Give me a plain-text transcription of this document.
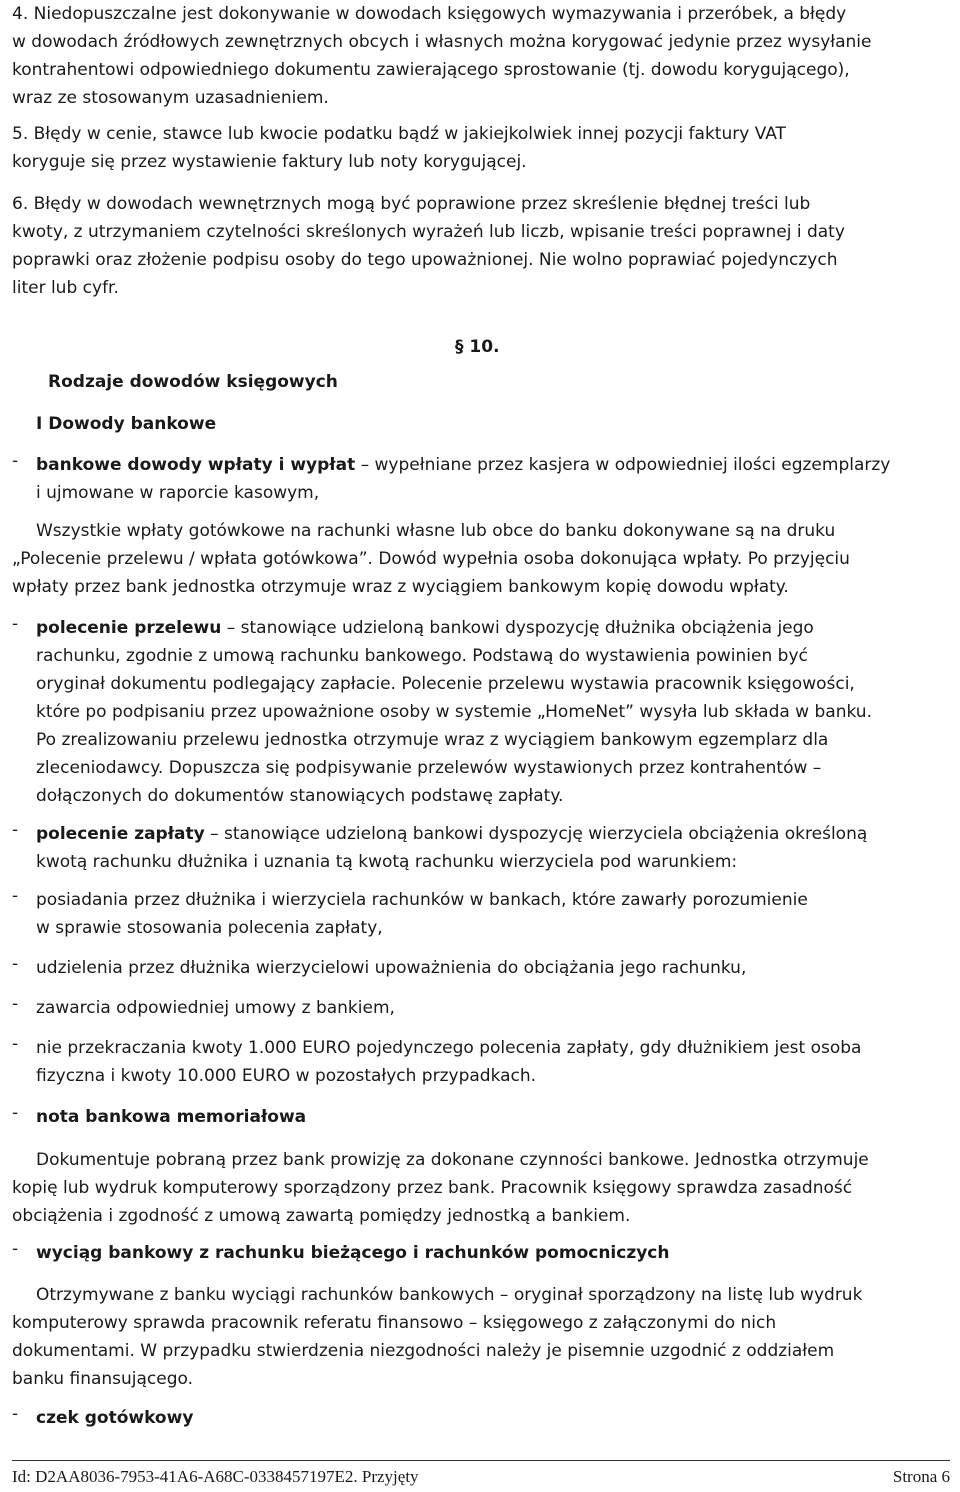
4. Niedopuszczalne jest dokonywanie w dowodach księgowych wymazywania i przeróbek, a błędy

w dowodach źródłowych zewnętrznych obcych i własnych można korygować jedynie przez wysyłanie

kontrahentowi odpowiedniego dokumentu zawierającego sprostowanie (tj. dowodu korygującego),

wraz ze stosowanym uzasadnieniem.

5. Błędy w cenie, stawce lub kwocie podatku bądź w jakiejkolwiek innej pozycji faktury VAT

koryguje się przez wystawienie faktury lub noty korygującej.

6. Błędy w dowodach wewnętrznych mogą być poprawione przez skreślenie błędnej treści lub

kwoty, z utrzymaniem czytelności skreślonych wyrażeń lub liczb, wpisanie treści poprawnej i daty

poprawki oraz złożenie podpisu osoby do tego upoważnionej. Nie wolno poprawiać pojedynczych

liter lub cyfr.

§ 10.
Rodzaje dowodów księgowych
I Dowody bankowe
-	bankowe dowody wpłaty i wypłat – wypełniane przez kasjera w odpowiedniej ilości egzemplarzy
i ujmowane w raporcie kasowym,

Wszystkie wpłaty gotówkowe na rachunki własne lub obce do banku dokonywane są na druku

„Polecenie przelewu / wpłata gotówkowa”. Dowód wypełnia osoba dokonująca wpłaty. Po przyjęciu

wpłaty przez bank jednostka otrzymuje wraz z wyciągiem bankowym kopię dowodu wpłaty.

-	polecenie przelewu – stanowiące udzieloną bankowi dyspozycję dłużnika obciążenia jego

rachunku, zgodnie z umową rachunku bankowego. Podstawą do wystawienia powinien być

oryginał dokumentu podlegający zapłacie. Polecenie przelewu wystawia pracownik księgowości,

które po podpisaniu przez upoważnione osoby w systemie „HomeNet” wysyła lub składa w banku.

Po zrealizowaniu przelewu jednostka otrzymuje wraz z wyciągiem bankowym egzemplarz dla

zleceniodawcy. Dopuszcza się podpisywanie przelewów wystawionych przez kontrahentów –

dołączonych do dokumentów stanowiących podstawę zapłaty.

-	polecenie zapłaty – stanowiące udzieloną bankowi dyspozycję wierzyciela obciążenia określoną

kwotą rachunku dłużnika i uznania tą kwotą rachunku wierzyciela pod warunkiem:

-	posiadania przez dłużnika i wierzyciela rachunków w bankach, które zawarły porozumienie

w sprawie stosowania polecenia zapłaty,

-	udzielenia przez dłużnika wierzycielowi upoważnienia do obciążania jego rachunku,

-	zawarcia odpowiedniej umowy z bankiem,

-	nie przekraczania kwoty 1.000 EURO pojedynczego polecenia zapłaty, gdy dłużnikiem jest osoba

fizyczna i kwoty 10.000 EURO w pozostałych przypadkach.

-	nota bankowa memoriałowa

Dokumentuje pobraną przez bank prowizję za dokonane czynności bankowe. Jednostka otrzymuje

kopię lub wydruk komputerowy sporządzony przez bank. Pracownik księgowy sprawdza zasadność

obciążenia i zgodność z umową zawartą pomiędzy jednostką a bankiem.

-	wyciąg bankowy z rachunku bieżącego i rachunków pomocniczych

Otrzymywane z banku wyciągi rachunków bankowych – oryginał sporządzony na listę lub wydruk

komputerowy sprawda pracownik referatu finansowo – księgowego z załączonymi do nich

dokumentami. W przypadku stwierdzenia niezgodności należy je pisemnie uzgodnić z oddziałem

banku finansującego.

-	czek gotówkowy
Id: D2AA8036-7953-41A6-A68C-0338457197E2. Przyjęty	Strona 6
